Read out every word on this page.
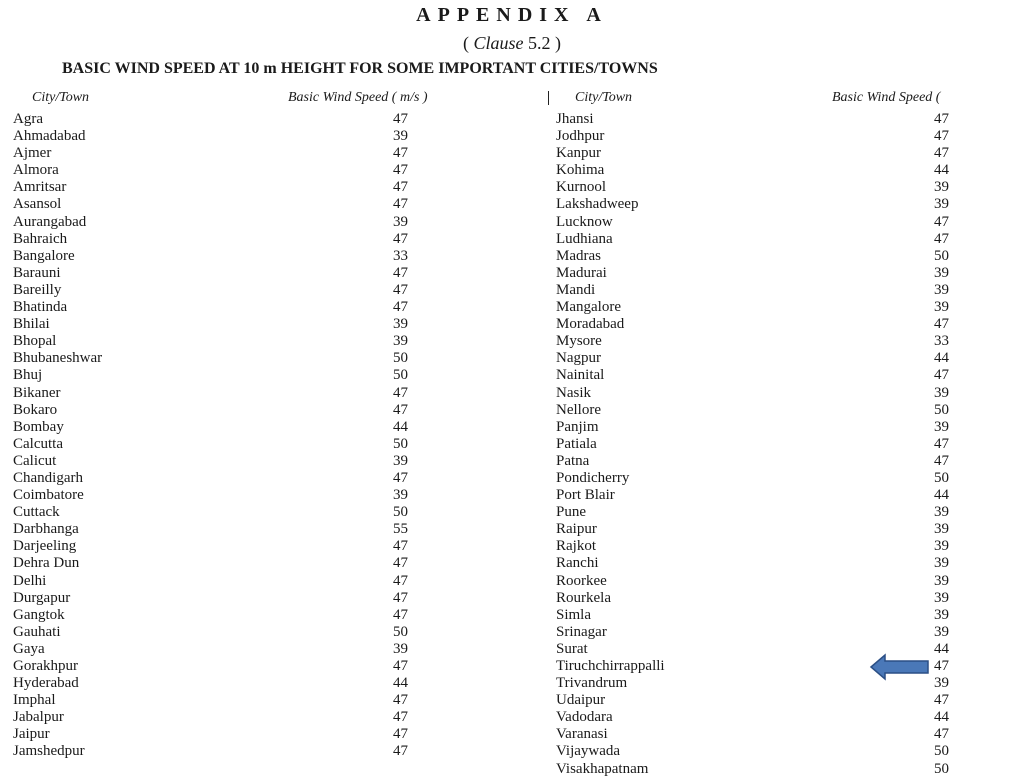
APPENDIX A
( Clause 5.2 )
BASIC WIND SPEED AT 10 m HEIGHT FOR SOME IMPORTANT CITIES/TOWNS
City/Town	Basic Wind Speed ( m/s )	City/Town	Basic Wind Speed (
Agra	47
Ahmadabad	39
Ajmer	47
Almora	47
Amritsar	47
Asansol	47
Aurangabad	39
Bahraich	47
Bangalore	33
Barauni	47
Bareilly	47
Bhatinda	47
Bhilai	39
Bhopal	39
Bhubaneshwar	50
Bhuj	50
Bikaner	47
Bokaro	47
Bombay	44
Calcutta	50
Calicut	39
Chandigarh	47
Coimbatore	39
Cuttack	50
Darbhanga	55
Darjeeling	47
Dehra Dun	47
Delhi	47
Durgapur	47
Gangtok	47
Gauhati	50
Gaya	39
Gorakhpur	47
Hyderabad	44
Imphal	47
Jabalpur	47
Jaipur	47
Jamshedpur	47
Jhansi	47
Jodhpur	47
Kanpur	47
Kohima	44
Kurnool	39
Lakshadweep	39
Lucknow	47
Ludhiana	47
Madras	50
Madurai	39
Mandi	39
Mangalore	39
Moradabad	47
Mysore	33
Nagpur	44
Nainital	47
Nasik	39
Nellore	50
Panjim	39
Patiala	47
Patna	47
Pondicherry	50
Port Blair	44
Pune	39
Raipur	39
Rajkot	39
Ranchi	39
Roorkee	39
Rourkela	39
Simla	39
Srinagar	39
Surat	44
Tiruchchirrappalli	47
Trivandrum	39
Udaipur	47
Vadodara	44
Varanasi	47
Vijaywada	50
Visakhapatnam	50
